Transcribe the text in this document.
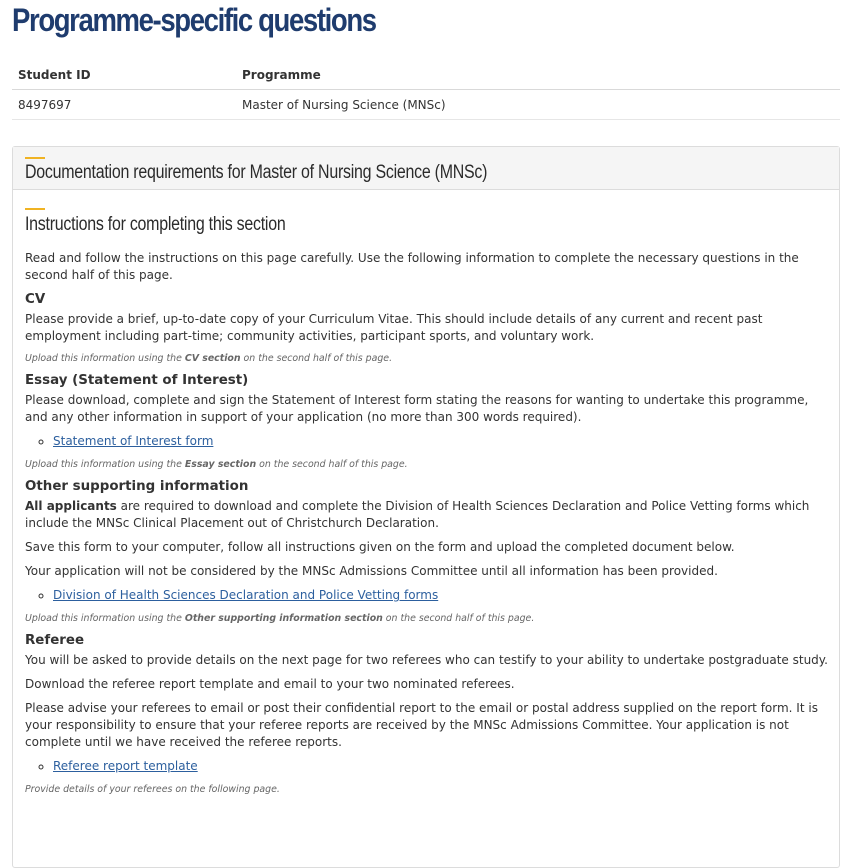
Programme-specific questions
Student ID	Programme
8497697	Master of Nursing Science (MNSc)
Documentation requirements for Master of Nursing Science (MNSc)
Instructions for completing this section

Read and follow the instructions on this page carefully. Use the following information to complete the necessary questions in the second half of this page.

CV

Please provide a brief, up-to-date copy of your Curriculum Vitae. This should include details of any current and recent past employment including part-time; community activities, participant sports, and voluntary work.

Upload this information using the CV section on the second half of this page.

Essay (Statement of Interest)

Please download, complete and sign the Statement of Interest form stating the reasons for wanting to undertake this programme, and any other information in support of your application (no more than 300 words required).

◦ Statement of Interest form

Upload this information using the Essay section on the second half of this page.

Other supporting information

All applicants are required to download and complete the Division of Health Sciences Declaration and Police Vetting forms which include the MNSc Clinical Placement out of Christchurch Declaration.

Save this form to your computer, follow all instructions given on the form and upload the completed document below.

Your application will not be considered by the MNSc Admissions Committee until all information has been provided.

◦ Division of Health Sciences Declaration and Police Vetting forms

Upload this information using the Other supporting information section on the second half of this page.

Referee

You will be asked to provide details on the next page for two referees who can testify to your ability to undertake postgraduate study.

Download the referee report template and email to your two nominated referees.

Please advise your referees to email or post their confidential report to the email or postal address supplied on the report form. It is your responsibility to ensure that your referee reports are received by the MNSc Admissions Committee. Your application is not complete until we have received the referee reports.

◦ Referee report template

Provide details of your referees on the following page.
